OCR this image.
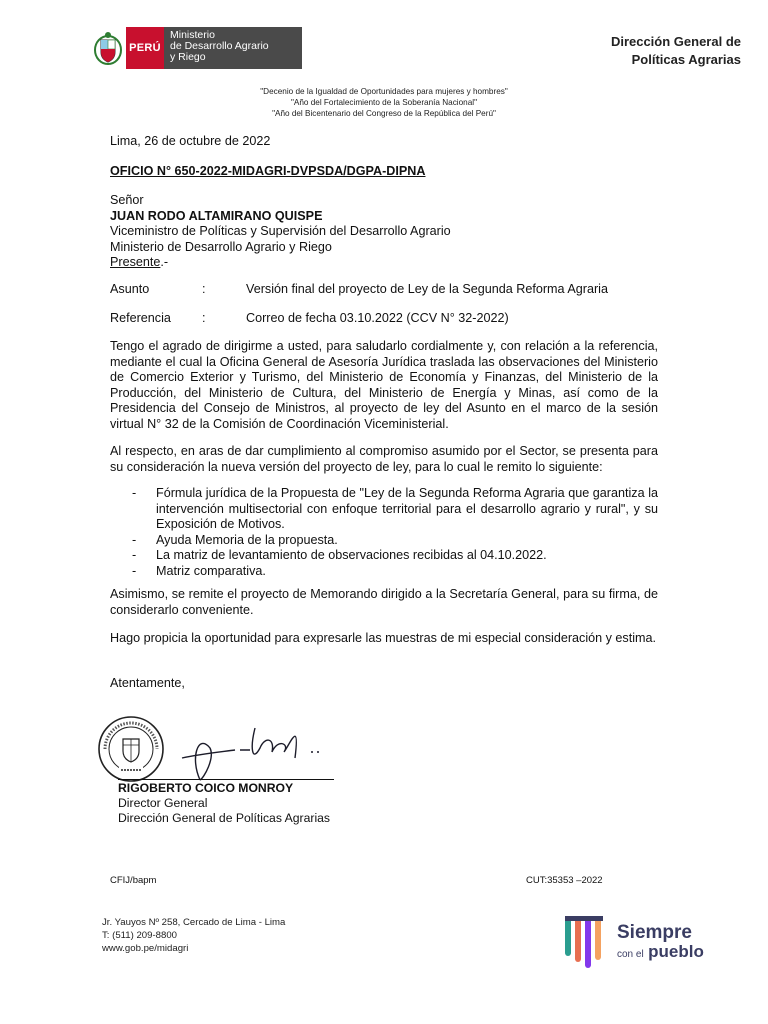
PERÚ
Ministerio
de Desarrollo Agrario
y Riego
Dirección General de
Políticas Agrarias
"Decenio de la Igualdad de Oportunidades para mujeres y hombres"
"Año del Fortalecimiento de la Soberanía Nacional"
"Año del Bicentenario del Congreso de la República del Perú"
Lima, 26 de octubre de 2022
OFICIO N° 650-2022-MIDAGRI-DVPSDA/DGPA-DIPNA
Señor
JUAN RODO ALTAMIRANO QUISPE
Viceministro de Políticas y Supervisión del Desarrollo Agrario
Ministerio de Desarrollo Agrario y Riego
Presente.-
Asunto	:	Versión final del proyecto de Ley de la Segunda Reforma Agraria
Referencia	:	Correo de fecha 03.10.2022 (CCV N° 32-2022)
Tengo el agrado de dirigirme a usted, para saludarlo cordialmente y, con relación a la referencia, mediante el cual la Oficina General de Asesoría Jurídica traslada las observaciones del Ministerio de Comercio Exterior y Turismo, del Ministerio de Economía y Finanzas, del Ministerio de la Producción, del Ministerio de Cultura, del Ministerio de Energía y Minas, así como de la Presidencia del Consejo de Ministros, al proyecto de ley del Asunto en el marco de la sesión virtual N° 32 de la Comisión de Coordinación Viceministerial.
Al respecto, en aras de dar cumplimiento al compromiso asumido por el Sector, se presenta para su consideración la nueva versión del proyecto de ley, para lo cual le remito lo siguiente:
-	Fórmula jurídica de la Propuesta de "Ley de la Segunda Reforma Agraria que garantiza la intervención multisectorial con enfoque territorial para el desarrollo agrario y rural", y su Exposición de Motivos.
-	Ayuda Memoria de la propuesta.
-	La matriz de levantamiento de observaciones recibidas al 04.10.2022.
-	Matriz comparativa.
Asimismo, se remite el proyecto de Memorando dirigido a la Secretaría General, para su firma, de considerarlo conveniente.
Hago propicia la oportunidad para expresarle las muestras de mi especial consideración y estima.
Atentamente,
RIGOBERTO COICO MONROY
Director General
Dirección General de Políticas Agrarias
CFIJ/bapm	CUT:35353 –2022
Jr. Yauyos Nº 258, Cercado de Lima - Lima
T: (511) 209-8800
www.gob.pe/midagri
Siempre
con el pueblo
